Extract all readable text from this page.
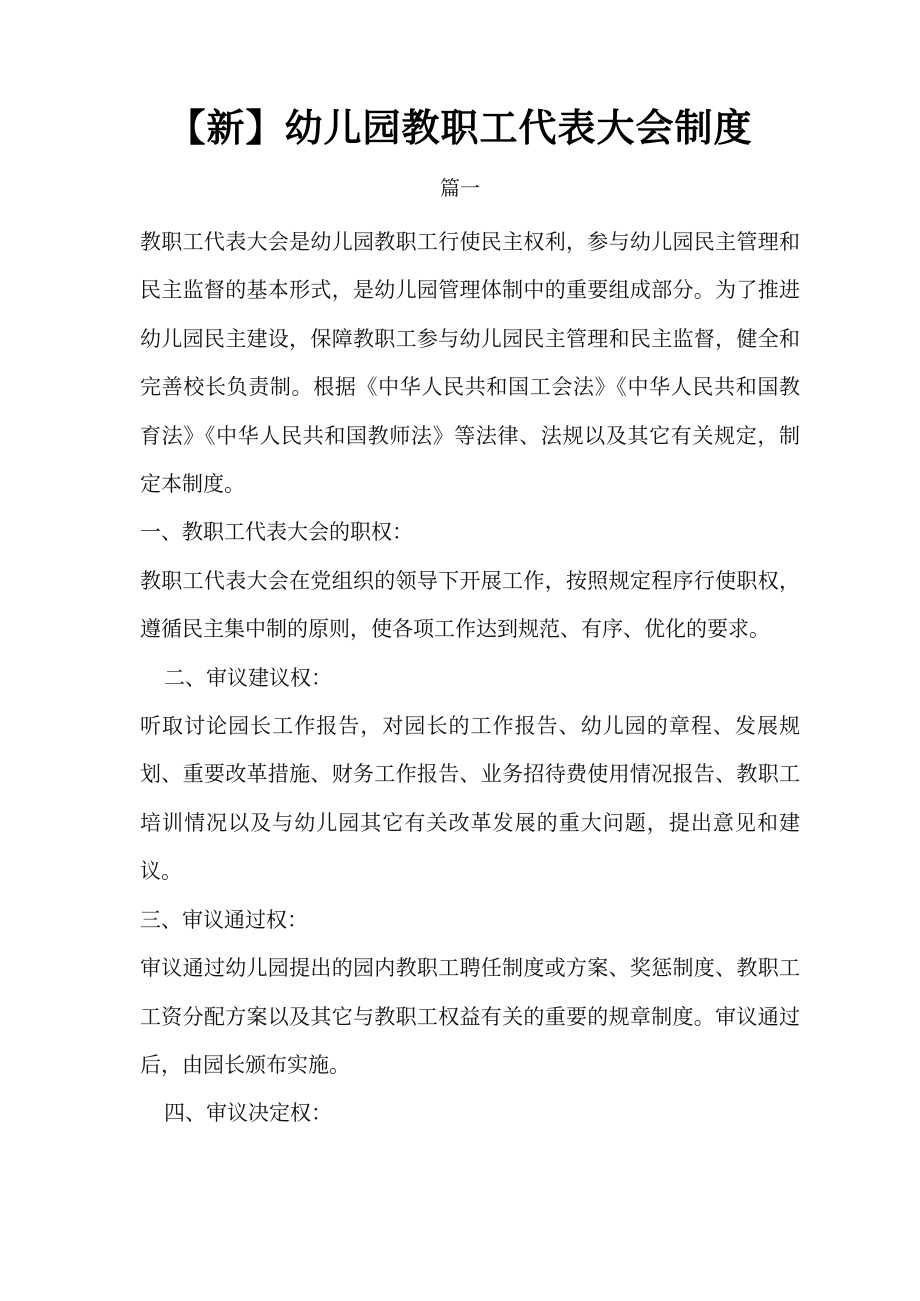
【新】幼儿园教职工代表大会制度
篇一

教职工代表大会是幼儿园教职工行使民主权利，参与幼儿园民主管理和民主监督的基本形式，是幼儿园管理体制中的重要组成部分。为了推进幼儿园民主建设，保障教职工参与幼儿园民主管理和民主监督，健全和完善校长负责制。根据《中华人民共和国工会法》《中华人民共和国教育法》《中华人民共和国教师法》等法律、法规以及其它有关规定，制定本制度。

一、教职工代表大会的职权：

教职工代表大会在党组织的领导下开展工作，按照规定程序行使职权，遵循民主集中制的原则，使各项工作达到规范、有序、优化的要求。

二、审议建议权：

听取讨论园长工作报告，对园长的工作报告、幼儿园的章程、发展规划、重要改革措施、财务工作报告、业务招待费使用情况报告、教职工培训情况以及与幼儿园其它有关改革发展的重大问题，提出意见和建议。

三、审议通过权：

审议通过幼儿园提出的园内教职工聘任制度或方案、奖惩制度、教职工工资分配方案以及其它与教职工权益有关的重要的规章制度。审议通过后，由园长颁布实施。

四、审议决定权：
